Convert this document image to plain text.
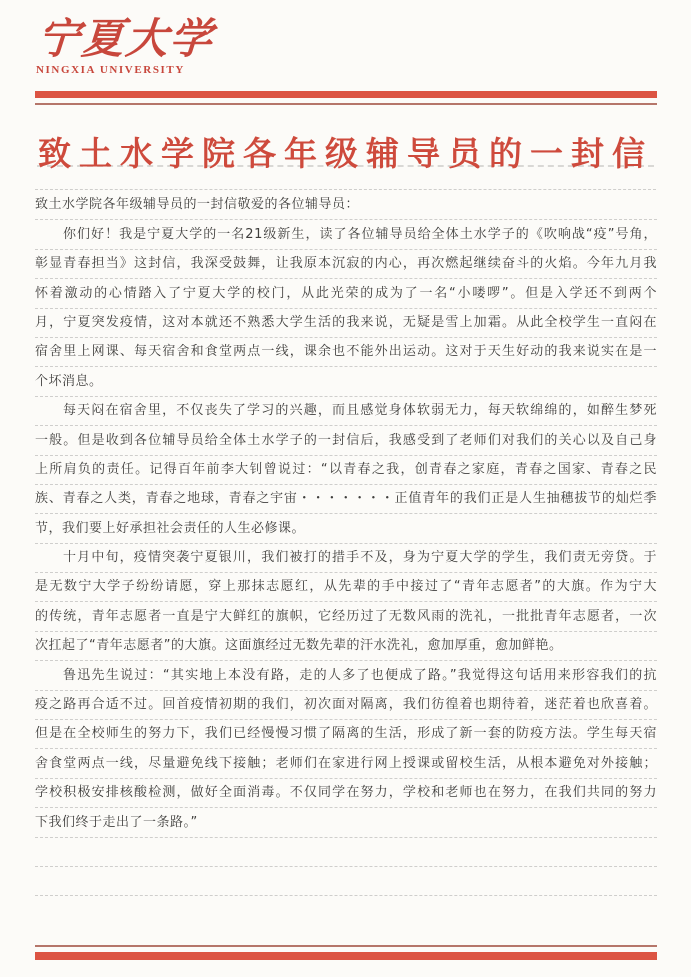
宁夏大学
NINGXIA UNIVERSITY
致土水学院各年级辅导员的一封信
致土水学院各年级辅导员的一封信敬爱的各位辅导员：
你们好！我是宁夏大学的一名21级新生，读了各位辅导员给全体土水学子的《吹响战“疫”号角，
彰显青春担当》这封信，我深受鼓舞，让我原本沉寂的内心，再次燃起继续奋斗的火焰。今年九月我
怀着激动的心情踏入了宁夏大学的校门，从此光荣的成为了一名“小喽啰”。但是入学还不到两个
月，宁夏突发疫情，这对本就还不熟悉大学生活的我来说，无疑是雪上加霜。从此全校学生一直闷在
宿舍里上网课、每天宿舍和食堂两点一线，课余也不能外出运动。这对于天生好动的我来说实在是一
个坏消息。
每天闷在宿舍里，不仅丧失了学习的兴趣，而且感觉身体软弱无力，每天软绵绵的，如醉生梦死
一般。但是收到各位辅导员给全体土水学子的一封信后，我感受到了老师们对我们的关心以及自己身
上所肩负的责任。记得百年前李大钊曾说过：“以青春之我，创青春之家庭，青春之国家、青春之民
族、青春之人类，青春之地球，青春之宇宙・・・・・・・正值青年的我们正是人生抽穗拔节的灿烂季
节，我们要上好承担社会责任的人生必修课。
十月中旬，疫情突袭宁夏银川，我们被打的措手不及，身为宁夏大学的学生，我们责无旁贷。于
是无数宁大学子纷纷请愿，穿上那抹志愿红，从先辈的手中接过了“青年志愿者”的大旗。作为宁大
的传统，青年志愿者一直是宁大鲜红的旗帜，它经历过了无数风雨的洗礼，一批批青年志愿者，一次
次扛起了“青年志愿者”的大旗。这面旗经过无数先辈的汗水洗礼，愈加厚重，愈加鲜艳。
鲁迅先生说过：“其实地上本没有路，走的人多了也便成了路。”我觉得这句话用来形容我们的抗
疫之路再合适不过。回首疫情初期的我们，初次面对隔离，我们彷徨着也期待着，迷茫着也欣喜着。
但是在全校师生的努力下，我们已经慢慢习惯了隔离的生活，形成了新一套的防疫方法。学生每天宿
舍食堂两点一线，尽量避免线下接触；老师们在家进行网上授课或留校生活，从根本避免对外接触；
学校积极安排核酸检测，做好全面消毒。不仅同学在努力，学校和老师也在努力，在我们共同的努力
下我们终于走出了一条路。”
